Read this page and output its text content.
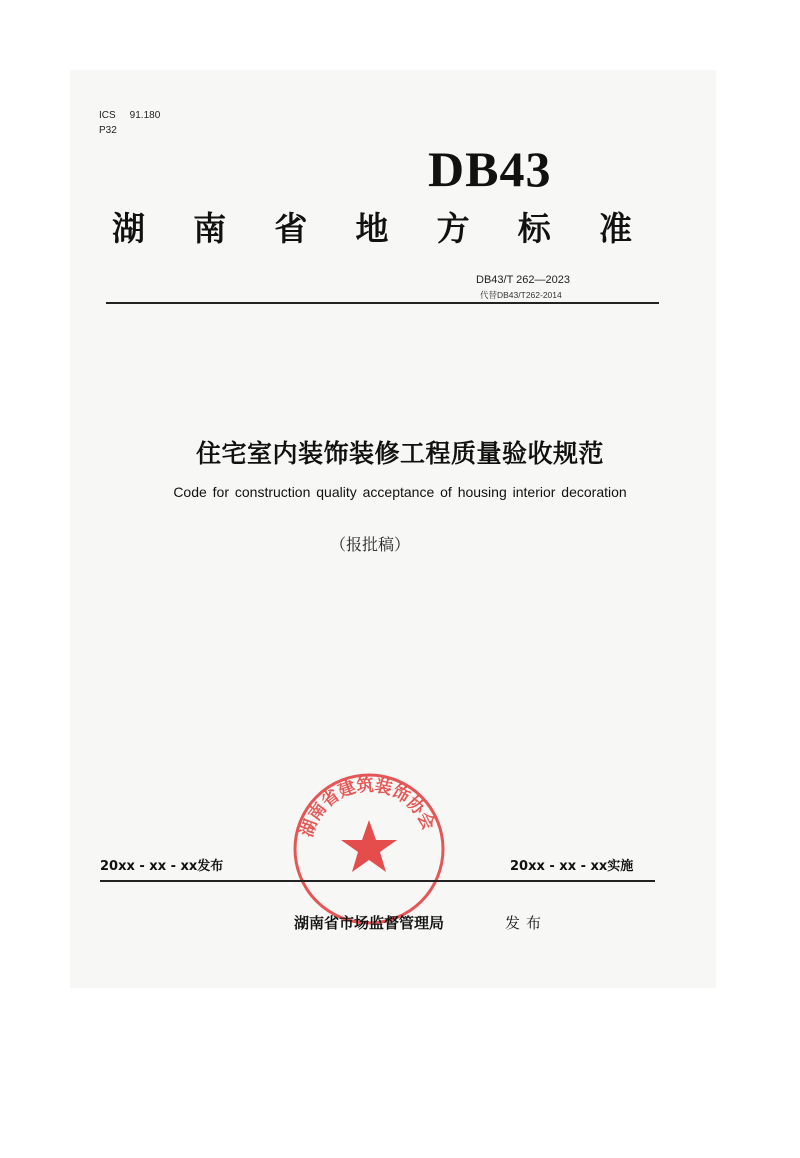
ICS 91.180
P32
DB43
湖 南 省 地 方 标 准
DB43/T 262—2023
代替DB43/T262-2014
住宅室内装饰装修工程质量验收规范
Code for construction quality acceptance of housing interior decoration
（报批稿）
湖南省建筑装饰协会
20xx - xx - xx发布	20xx - xx - xx实施
湖南省市场监督管理局	发布
